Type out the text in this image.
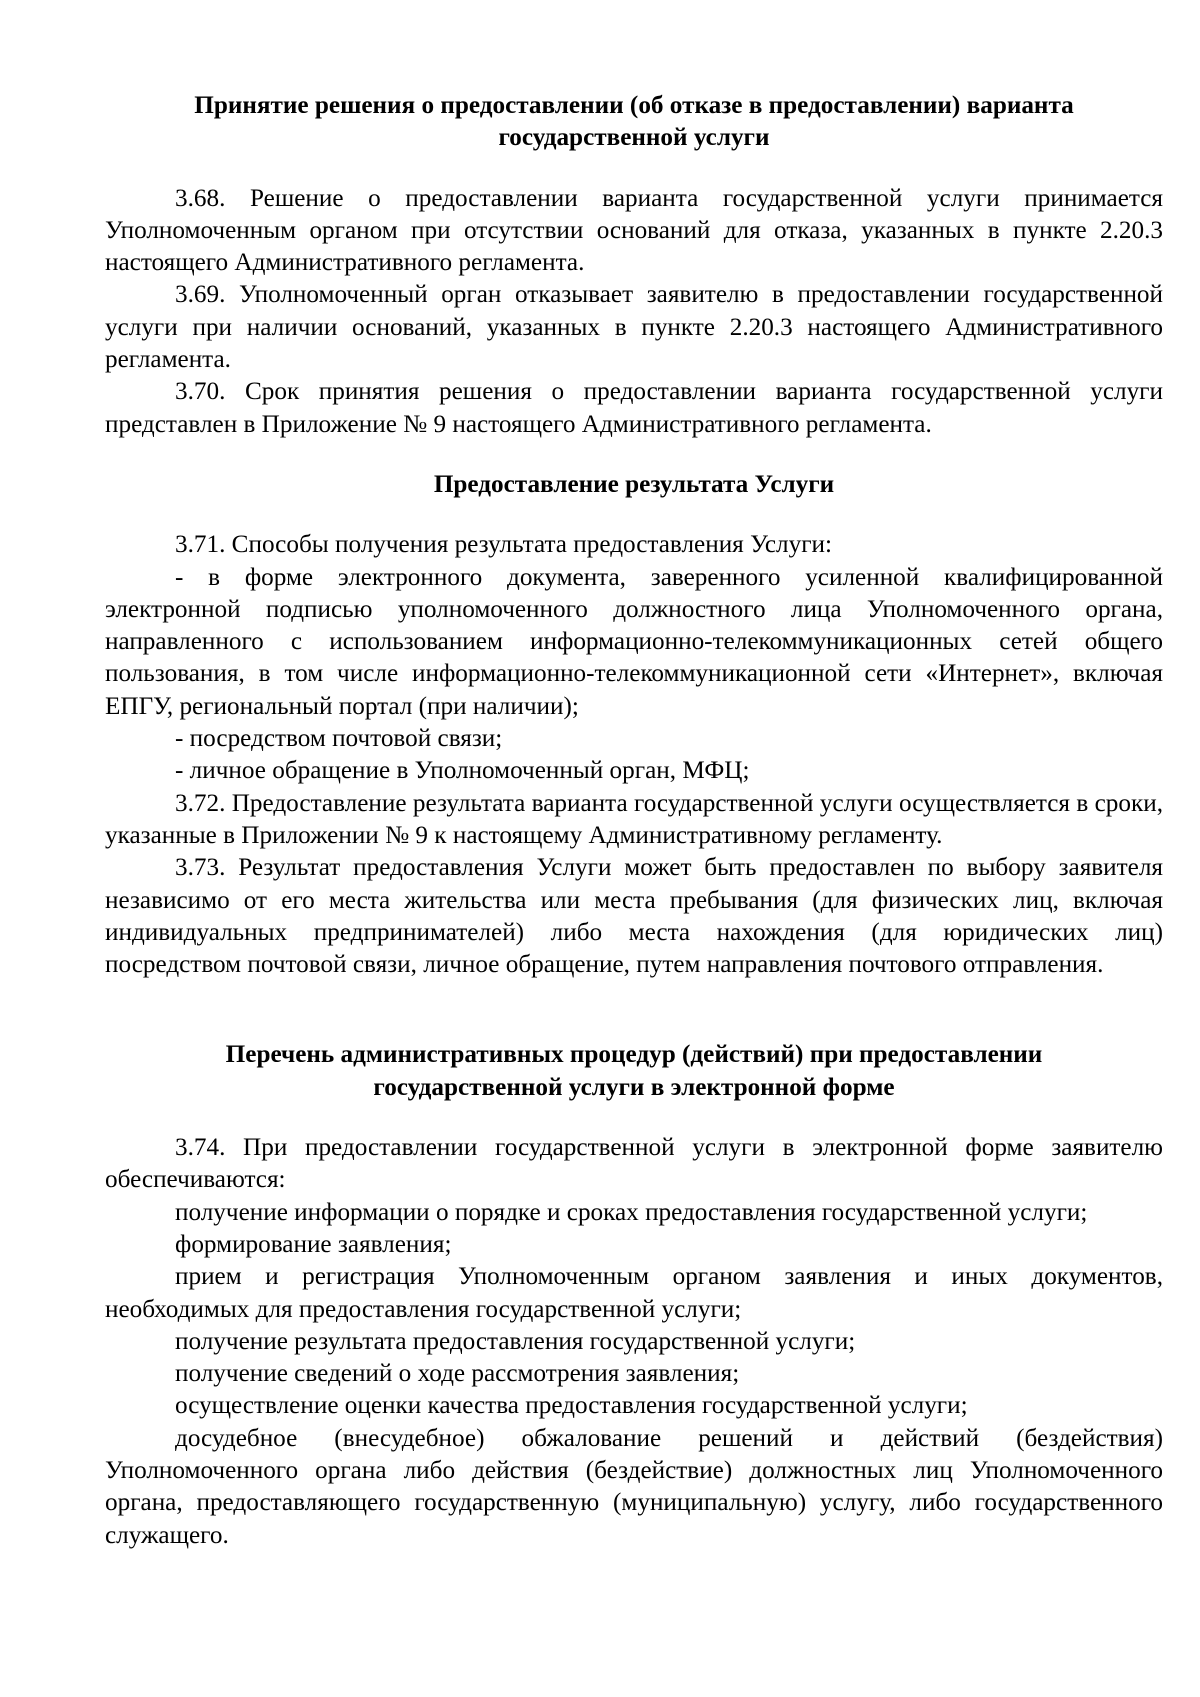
Принятие решения о предоставлении (об отказе в предоставлении) варианта
государственной услуги

3.68. Решение о предоставлении варианта государственной услуги принимается Уполномоченным органом при отсутствии оснований для отказа, указанных в пункте 2.20.3 настоящего Административного регламента.

3.69. Уполномоченный орган отказывает заявителю в предоставлении государственной услуги при наличии оснований, указанных в пункте 2.20.3 настоящего Административного регламента.

3.70. Срок принятия решения о предоставлении варианта государственной услуги представлен в Приложение № 9 настоящего Административного регламента.

Предоставление результата Услуги

3.71. Способы получения результата предоставления Услуги:

- в форме электронного документа, заверенного усиленной квалифицированной электронной подписью уполномоченного должностного лица Уполномоченного органа, направленного с использованием информационно-телекоммуникационных сетей общего пользования, в том числе информационно-телекоммуникационной сети «Интернет», включая ЕПГУ, региональный портал (при наличии);

- посредством почтовой связи;

- личное обращение в Уполномоченный орган, МФЦ;

3.72. Предоставление результата варианта государственной услуги осуществляется в сроки, указанные в Приложении № 9 к настоящему Административному регламенту.

3.73. Результат предоставления Услуги может быть предоставлен по выбору заявителя независимо от его места жительства или места пребывания (для физических лиц, включая индивидуальных предпринимателей) либо места нахождения (для юридических лиц) посредством почтовой связи, личное обращение, путем направления почтового отправления.

Перечень административных процедур (действий) при предоставлении
государственной услуги в электронной форме

3.74. При предоставлении государственной услуги в электронной форме заявителю обеспечиваются:

получение информации о порядке и сроках предоставления государственной услуги;

формирование заявления;

прием и регистрация Уполномоченным органом заявления и иных документов, необходимых для предоставления государственной услуги;

получение результата предоставления государственной услуги;

получение сведений о ходе рассмотрения заявления;

осуществление оценки качества предоставления государственной услуги;

досудебное (внесудебное) обжалование решений и действий (бездействия) Уполномоченного органа либо действия (бездействие) должностных лиц Уполномоченного органа, предоставляющего государственную (муниципальную) услугу, либо государственного служащего.
